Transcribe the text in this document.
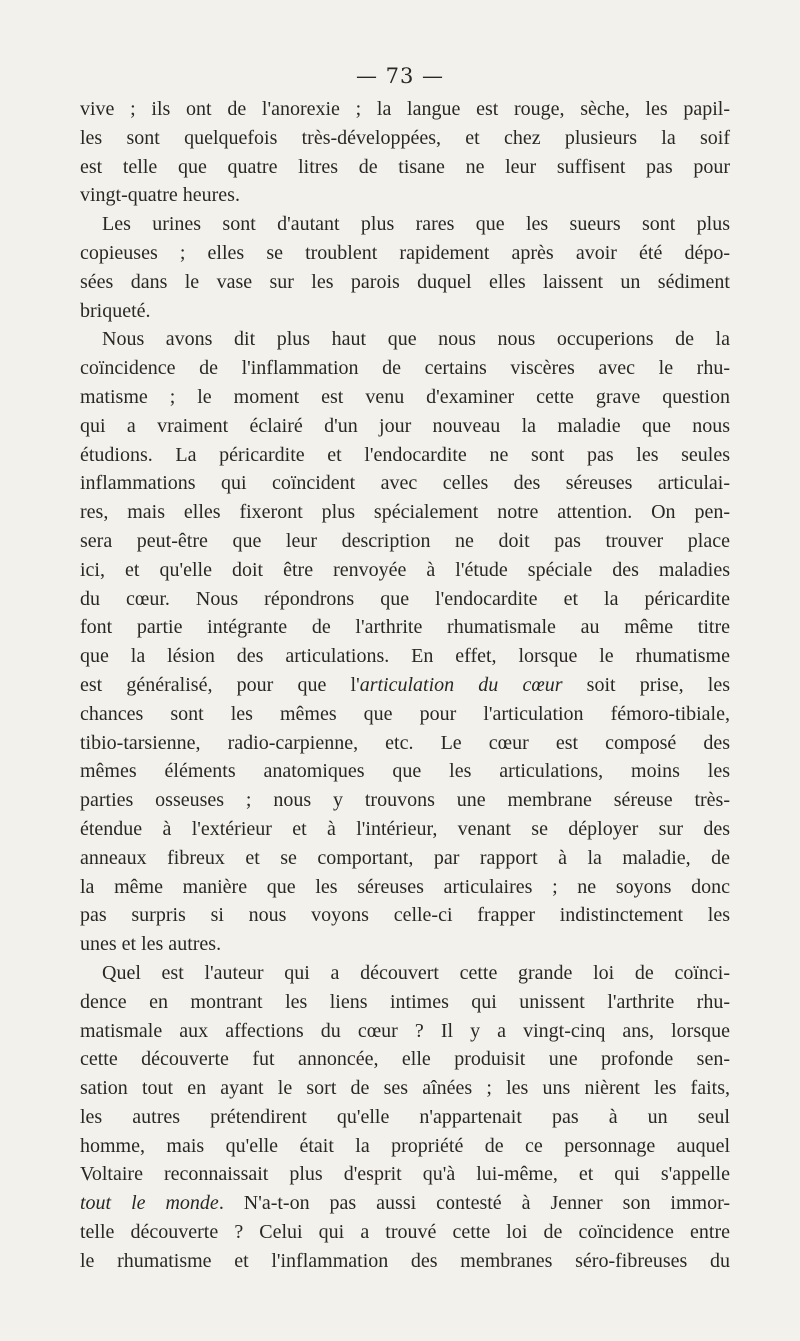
— 73 —
vive ; ils ont de l'anorexie ; la langue est rouge, sèche, les papil-
les sont quelquefois très-développées, et chez plusieurs la soif
est telle que quatre litres de tisane ne leur suffisent pas pour
vingt-quatre heures.
Les urines sont d'autant plus rares que les sueurs sont plus
copieuses ; elles se troublent rapidement après avoir été dépo-
sées dans le vase sur les parois duquel elles laissent un sédiment
briqueté.
Nous avons dit plus haut que nous nous occuperions de la
coïncidence de l'inflammation de certains viscères avec le rhu-
matisme ; le moment est venu d'examiner cette grave question
qui a vraiment éclairé d'un jour nouveau la maladie que nous
étudions. La péricardite et l'endocardite ne sont pas les seules
inflammations qui coïncident avec celles des séreuses articulai-
res, mais elles fixeront plus spécialement notre attention. On pen-
sera peut-être que leur description ne doit pas trouver place
ici, et qu'elle doit être renvoyée à l'étude spéciale des maladies
du cœur. Nous répondrons que l'endocardite et la péricardite
font partie intégrante de l'arthrite rhumatismale au même titre
que la lésion des articulations. En effet, lorsque le rhumatisme
est généralisé, pour que l'articulation du cœur soit prise, les
chances sont les mêmes que pour l'articulation fémoro-tibiale,
tibio-tarsienne, radio-carpienne, etc. Le cœur est composé des
mêmes éléments anatomiques que les articulations, moins les
parties osseuses ; nous y trouvons une membrane séreuse très-
étendue à l'extérieur et à l'intérieur, venant se déployer sur des
anneaux fibreux et se comportant, par rapport à la maladie, de
la même manière que les séreuses articulaires ; ne soyons donc
pas surpris si nous voyons celle-ci frapper indistinctement les
unes et les autres.
Quel est l'auteur qui a découvert cette grande loi de coïnci-
dence en montrant les liens intimes qui unissent l'arthrite rhu-
matismale aux affections du cœur ? Il y a vingt-cinq ans, lorsque
cette découverte fut annoncée, elle produisit une profonde sen-
sation tout en ayant le sort de ses aînées ; les uns nièrent les faits,
les autres prétendirent qu'elle n'appartenait pas à un seul
homme, mais qu'elle était la propriété de ce personnage auquel
Voltaire reconnaissait plus d'esprit qu'à lui-même, et qui s'appelle
tout le monde. N'a-t-on pas aussi contesté à Jenner son immor-
telle découverte ? Celui qui a trouvé cette loi de coïncidence entre
le rhumatisme et l'inflammation des membranes séro-fibreuses du
